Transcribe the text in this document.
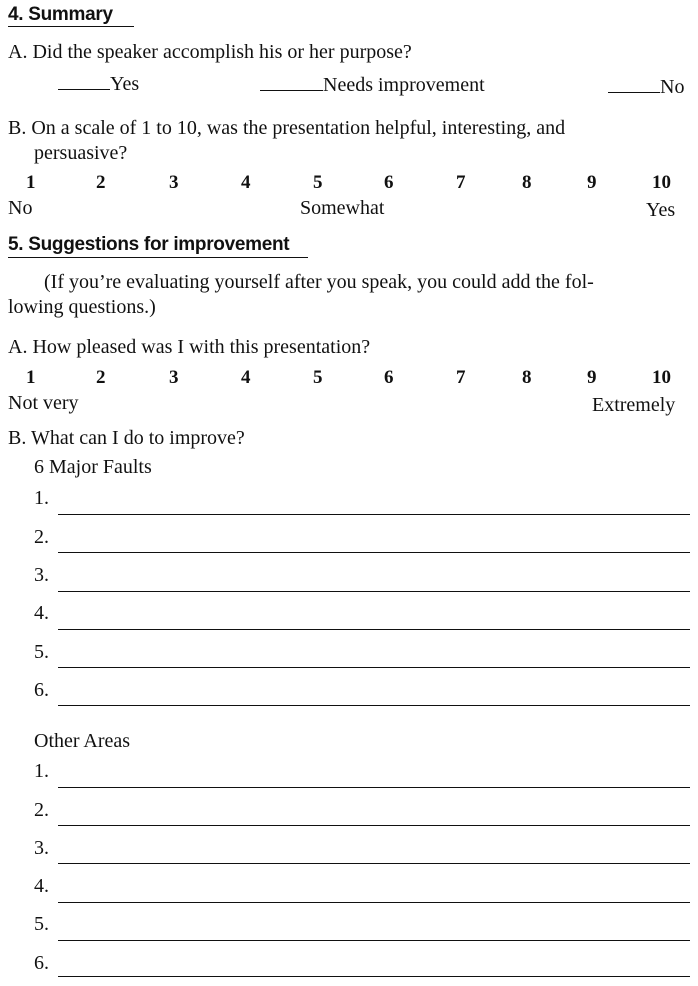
4. Summary
A. Did the speaker accomplish his or her purpose?
Yes	Needs improvement	No
B. On a scale of 1 to 10, was the presentation helpful, interesting, and
persuasive?
1	2	3	4	5	6	7	8	9	10
No	Somewhat	Yes
5. Suggestions for improvement
(If you’re evaluating yourself after you speak, you could add the fol-
lowing questions.)
A. How pleased was I with this presentation?
1	2	3	4	5	6	7	8	9	10
Not very	Extremely
B. What can I do to improve?
6 Major Faults
1.
2.
3.
4.
5.
6.
Other Areas
1.
2.
3.
4.
5.
6.
